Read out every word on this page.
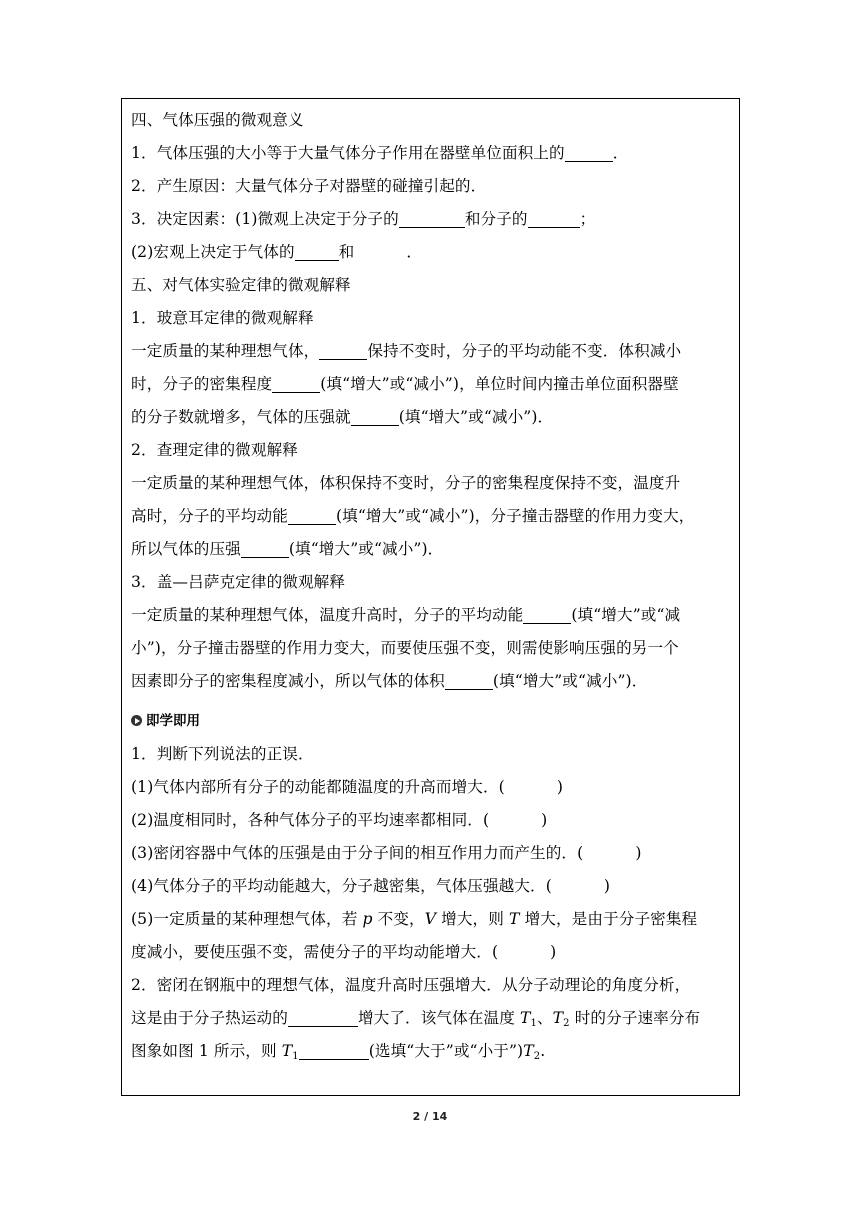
四、气体压强的微观意义
1．气体压强的大小等于大量气体分子作用在器壁单位面积上的	．
2．产生原因：大量气体分子对器壁的碰撞引起的．
3．决定因素：(1)微观上决定于分子的	和分子的	；
(2)宏观上决定于气体的	和	．
五、对气体实验定律的微观解释
1．玻意耳定律的微观解释
一定质量的某种理想气体，	保持不变时，分子的平均动能不变．体积减小
时，分子的密集程度	(填“增大”或“减小”)，单位时间内撞击单位面积器壁
的分子数就增多，气体的压强就	(填“增大”或“减小”)．
2．查理定律的微观解释
一定质量的某种理想气体，体积保持不变时，分子的密集程度保持不变，温度升
高时，分子的平均动能	(填“增大”或“减小”)，分子撞击器壁的作用力变大，
所以气体的压强	(填“增大”或“减小”)．
3．盖—吕萨克定律的微观解释
一定质量的某种理想气体，温度升高时，分子的平均动能	(填“增大”或“减
小”)，分子撞击器壁的作用力变大，而要使压强不变，则需使影响压强的另一个
因素即分子的密集程度减小，所以气体的体积	(填“增大”或“减小”)．
即学即用
1．判断下列说法的正误．
(1)气体内部所有分子的动能都随温度的升高而增大．(	)
(2)温度相同时，各种气体分子的平均速率都相同．(	)
(3)密闭容器中气体的压强是由于分子间的相互作用力而产生的．(	)
(4)气体分子的平均动能越大，分子越密集，气体压强越大．(	)
(5)一定质量的某种理想气体，若 p 不变，V 增大，则 T 增大，是由于分子密集程
度减小，要使压强不变，需使分子的平均动能增大．(	)
2．密闭在钢瓶中的理想气体，温度升高时压强增大．从分子动理论的角度分析，
这是由于分子热运动的	增大了．该气体在温度 $T_1$、$T_2$ 时的分子速率分布
图象如图 1 所示，则 $T_1$	(选填“大于”或“小于$”)T_2$.
2 / 14
